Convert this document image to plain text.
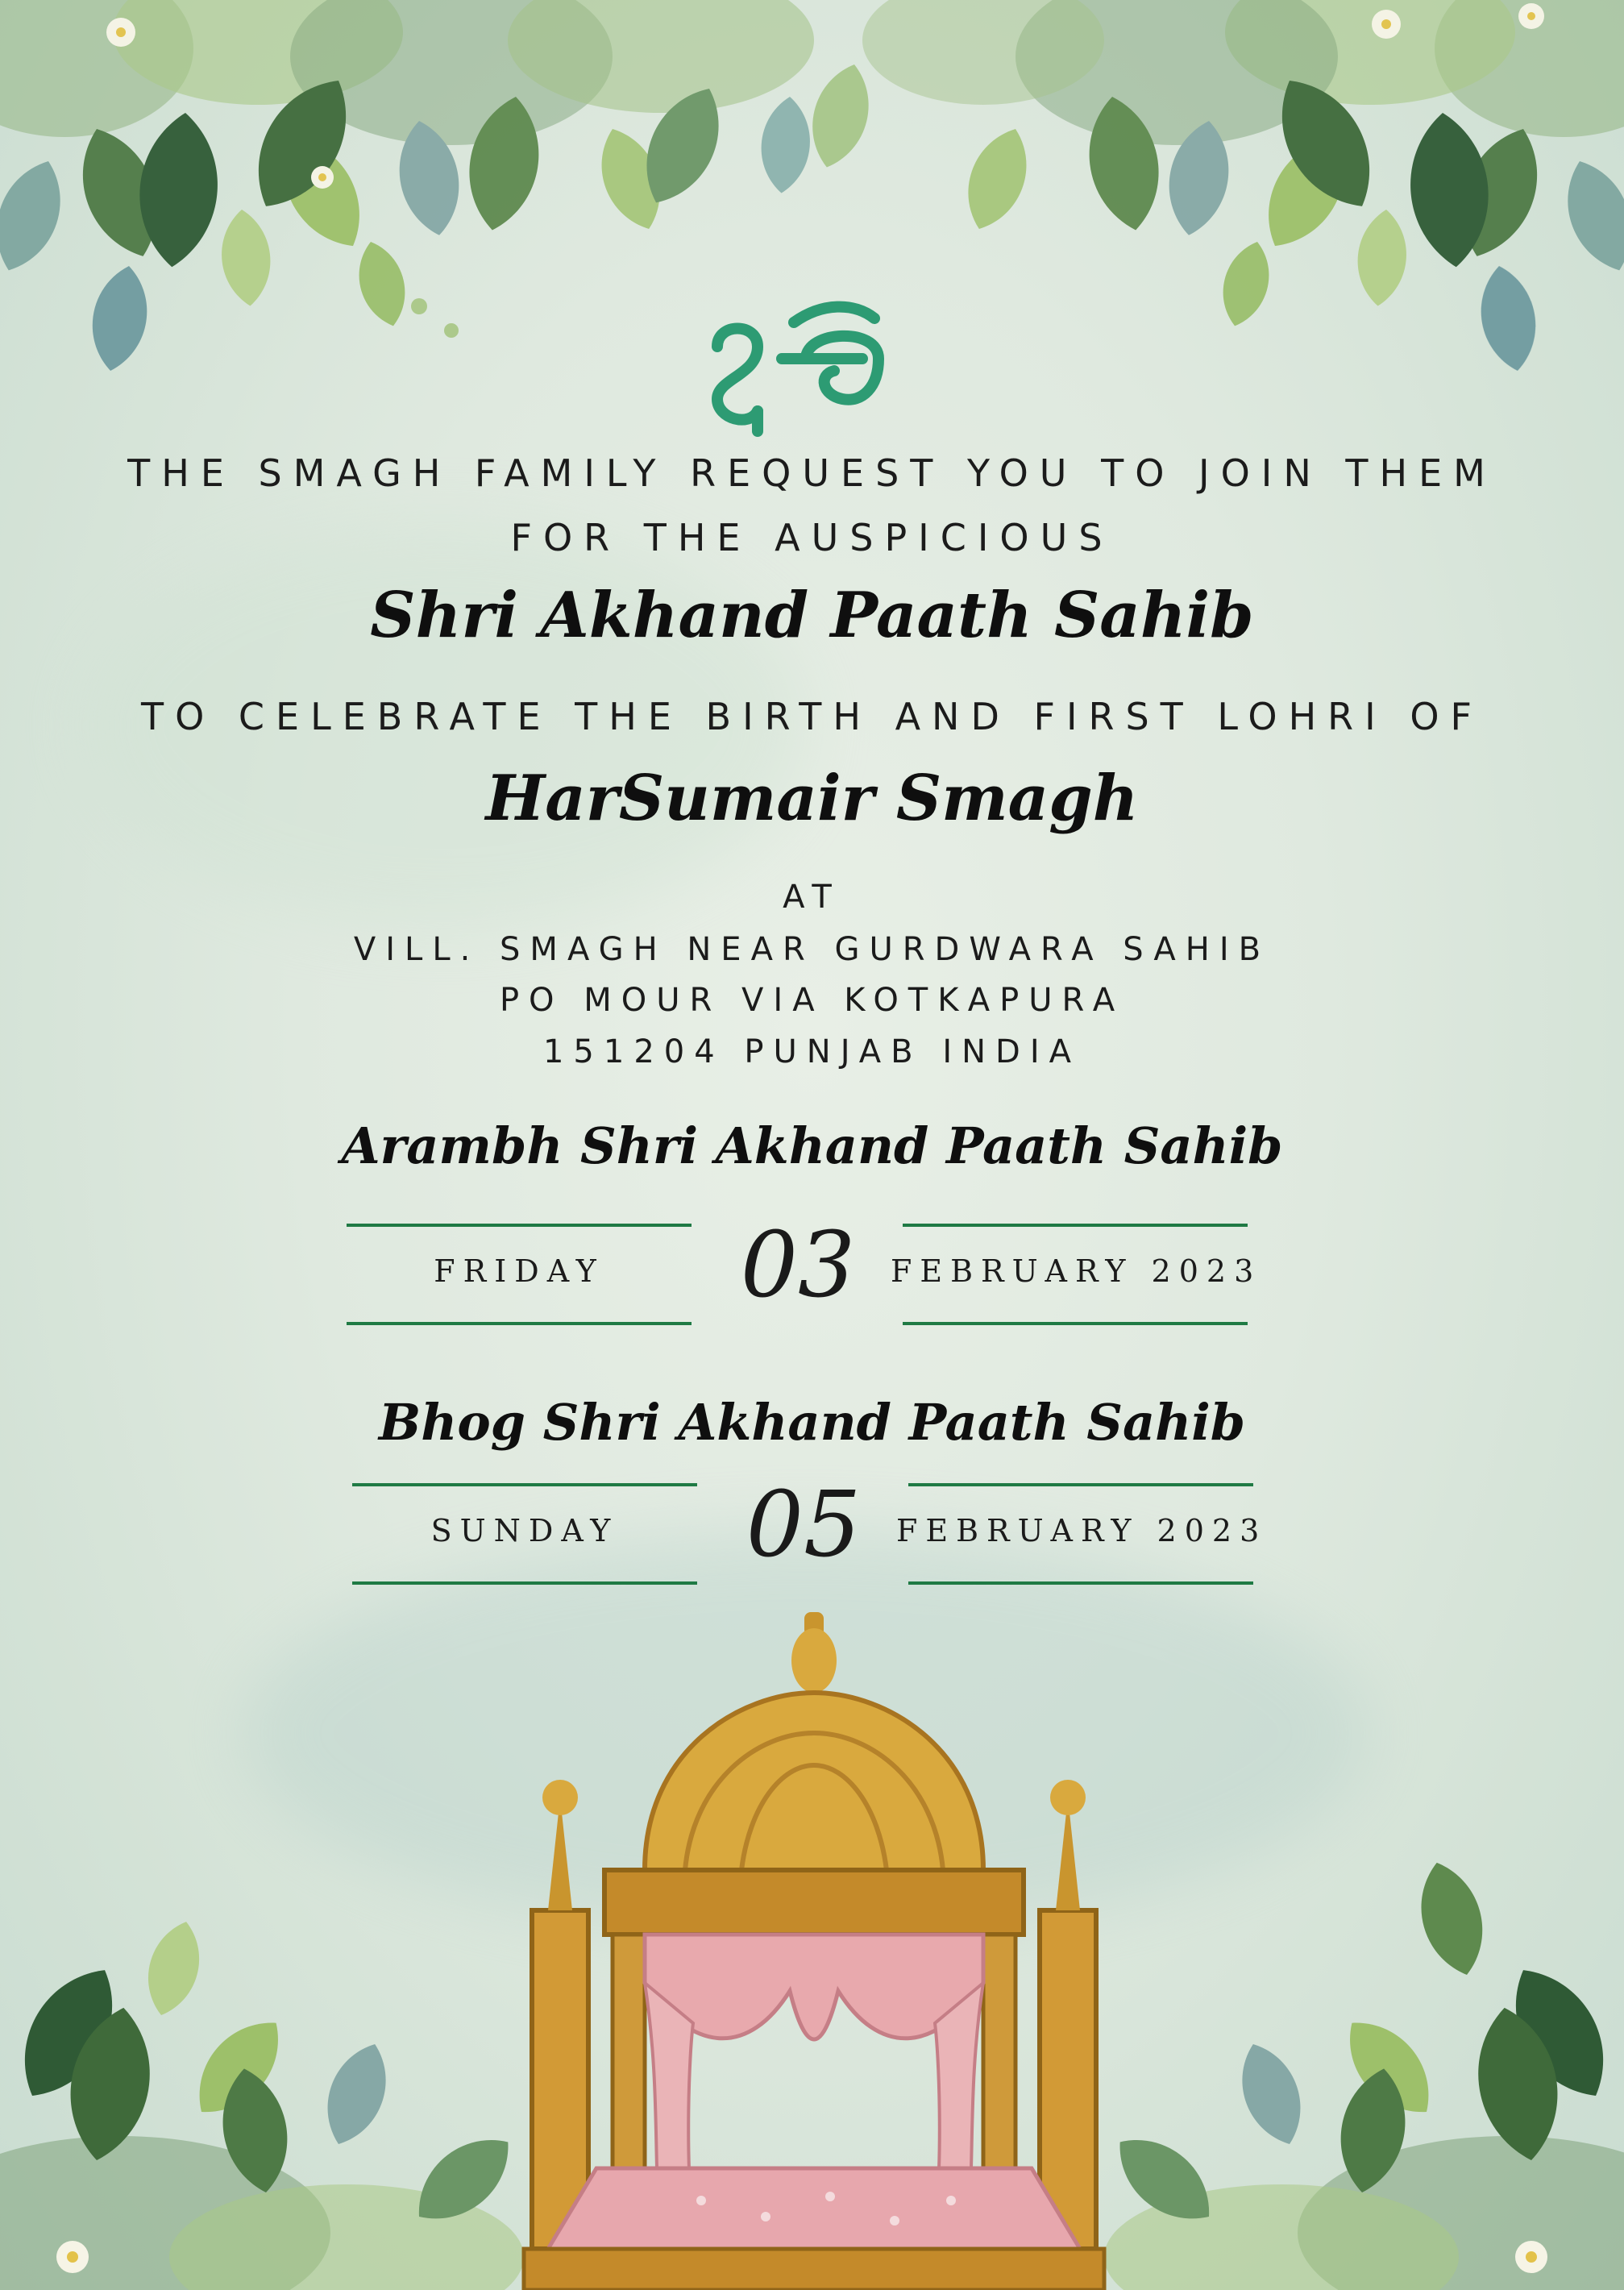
THE SMAGH FAMILY REQUEST YOU TO JOIN THEM
FOR THE AUSPICIOUS
Shri Akhand Paath Sahib
TO CELEBRATE THE BIRTH AND FIRST LOHRI OF
HarSumair Smagh
AT
VILL. SMAGH NEAR GURDWARA SAHIB
PO MOUR VIA KOTKAPURA
151204 PUNJAB INDIA
Arambh Shri Akhand Paath Sahib
FRIDAY	03	FEBRUARY 2023
Bhog Shri Akhand Paath Sahib
SUNDAY	05	FEBRUARY 2023
